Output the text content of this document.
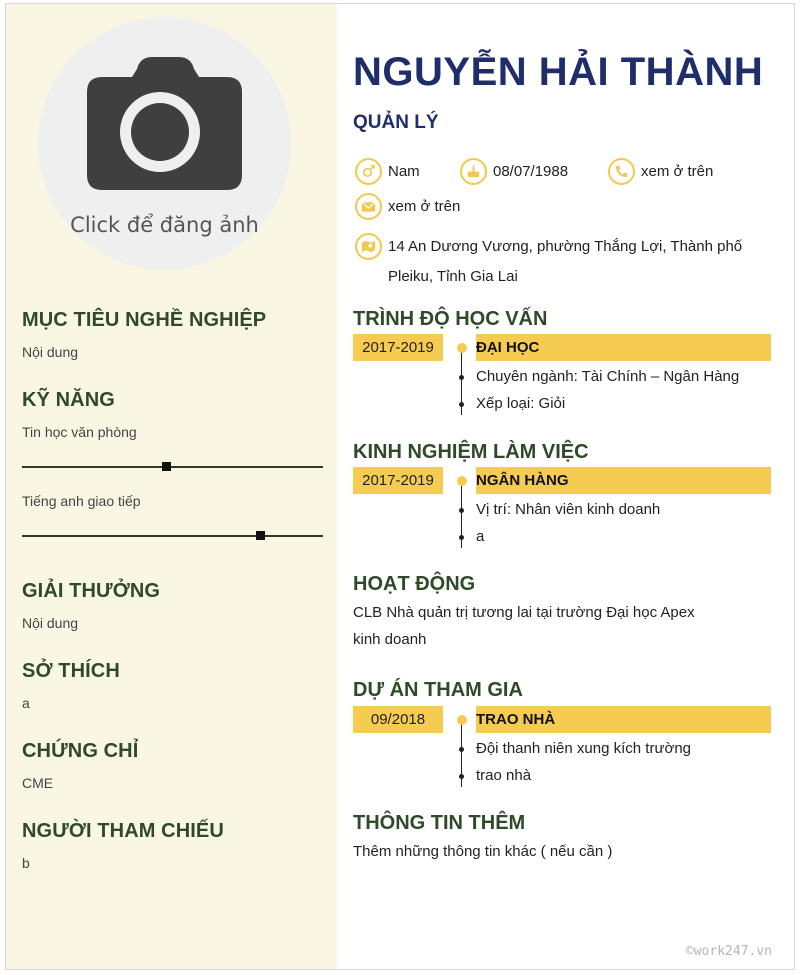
Click để đăng ảnh
MỤC TIÊU NGHỀ NGHIỆP
Nội dung
KỸ NĂNG
Tin học văn phòng
Tiếng anh giao tiếp
GIẢI THƯỞNG
Nội dung
SỞ THÍCH
a
CHỨNG CHỈ
CME
NGƯỜI THAM CHIẾU
b
NGUYỄN HẢI THÀNH
QUẢN LÝ
Nam	08/07/1988	xem ở trên
xem ở trên
14 An Dương Vương, phường Thắng Lợi, Thành phố Pleiku, Tỉnh Gia Lai
TRÌNH ĐỘ HỌC VẤN
2017-2019	ĐẠI HỌC
Chuyên ngành: Tài Chính – Ngân Hàng
Xếp loại: Giỏi
KINH NGHIỆM LÀM VIỆC
2017-2019	NGÂN HÀNG
Vị trí: Nhân viên kinh doanh
a
HOẠT ĐỘNG
CLB Nhà quản trị tương lai tại trường Đại học Apex
kinh doanh
DỰ ÁN THAM GIA
09/2018	TRAO NHÀ
Đội thanh niên xung kích trường
trao nhà
THÔNG TIN THÊM
Thêm những thông tin khác ( nếu cần )
©work247.vn
